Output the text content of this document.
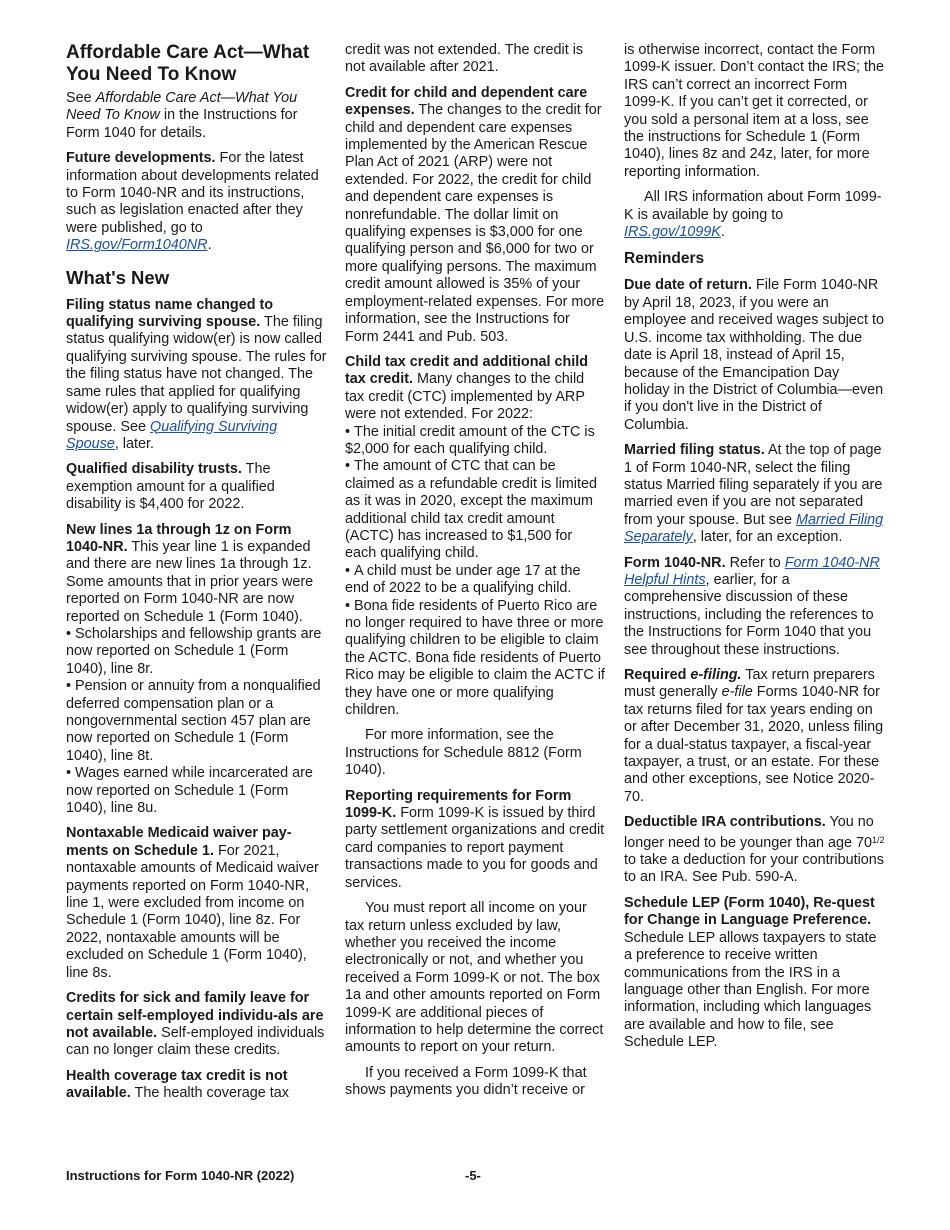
Affordable Care Act—What You Need To Know

See Affordable Care Act—What You Need To Know in the Instructions for Form 1040 for details.

Future developments. For the latest information about developments related to Form 1040-NR and its instructions, such as legislation enacted after they were published, go to IRS.gov/Form1040NR.

What's New

Filing status name changed to qualifying surviving spouse. The filing status qualifying widow(er) is now called qualifying surviving spouse. The rules for the filing status have not changed. The same rules that applied for qualifying widow(er) apply to qualifying surviving spouse. See Qualifying Surviving Spouse, later.

Qualified disability trusts. The exemption amount for a qualified disability is $4,400 for 2022.

New lines 1a through 1z on Form 1040-NR. This year line 1 is expanded and there are new lines 1a through 1z. Some amounts that in prior years were reported on Form 1040-NR are now reported on Schedule 1 (Form 1040).

• Scholarships and fellowship grants are now reported on Schedule 1 (Form 1040), line 8r.

• Pension or annuity from a nonqualified deferred compensation plan or a nongovernmental section 457 plan are now reported on Schedule 1 (Form 1040), line 8t.

• Wages earned while incarcerated are now reported on Schedule 1 (Form 1040), line 8u.

Nontaxable Medicaid waiver pay-ments on Schedule 1. For 2021, nontaxable amounts of Medicaid waiver payments reported on Form 1040-NR, line 1, were excluded from income on Schedule 1 (Form 1040), line 8z. For 2022, nontaxable amounts will be excluded on Schedule 1 (Form 1040), line 8s.

Credits for sick and family leave for certain self-employed individu-als are not available. Self-employed individuals can no longer claim these credits.

Health coverage tax credit is not available. The health coverage tax

credit was not extended. The credit is not available after 2021.

Credit for child and dependent care expenses. The changes to the credit for child and dependent care expenses implemented by the American Rescue Plan Act of 2021 (ARP) were not extended. For 2022, the credit for child and dependent care expenses is nonrefundable. The dollar limit on qualifying expenses is $3,000 for one qualifying person and $6,000 for two or more qualifying persons. The maximum credit amount allowed is 35% of your employment-related expenses. For more information, see the Instructions for Form 2441 and Pub. 503.

Child tax credit and additional child tax credit. Many changes to the child tax credit (CTC) implemented by ARP were not extended. For 2022:

• The initial credit amount of the CTC is $2,000 for each qualifying child.

• The amount of CTC that can be claimed as a refundable credit is limited as it was in 2020, except the maximum additional child tax credit amount (ACTC) has increased to $1,500 for each qualifying child.

• A child must be under age 17 at the end of 2022 to be a qualifying child.

• Bona fide residents of Puerto Rico are no longer required to have three or more qualifying children to be eligible to claim the ACTC. Bona fide residents of Puerto Rico may be eligible to claim the ACTC if they have one or more qualifying children.

For more information, see the Instructions for Schedule 8812 (Form 1040).

Reporting requirements for Form 1099-K. Form 1099-K is issued by third party settlement organizations and credit card companies to report payment transactions made to you for goods and services.

You must report all income on your tax return unless excluded by law, whether you received the income electronically or not, and whether you received a Form 1099-K or not. The box 1a and other amounts reported on Form 1099-K are additional pieces of information to help determine the correct amounts to report on your return.

If you received a Form 1099-K that shows payments you didn’t receive or

is otherwise incorrect, contact the Form 1099-K issuer. Don’t contact the IRS; the IRS can’t correct an incorrect Form 1099-K. If you can’t get it corrected, or you sold a personal item at a loss, see the instructions for Schedule 1 (Form 1040), lines 8z and 24z, later, for more reporting information.

All IRS information about Form 1099-K is available by going to IRS.gov/1099K.

Reminders

Due date of return. File Form 1040-NR by April 18, 2023, if you were an employee and received wages subject to U.S. income tax withholding. The due date is April 18, instead of April 15, because of the Emancipation Day holiday in the District of Columbia—even if you don't live in the District of Columbia.

Married filing status. At the top of page 1 of Form 1040-NR, select the filing status Married filing separately if you are married even if you are not separated from your spouse. But see Married Filing Separately, later, for an exception.

Form 1040-NR. Refer to Form 1040-NR Helpful Hints, earlier, for a comprehensive discussion of these instructions, including the references to the Instructions for Form 1040 that you see throughout these instructions.

Required e-filing. Tax return preparers must generally e-file Forms 1040-NR for tax returns filed for tax years ending on or after December 31, 2020, unless filing for a dual-status taxpayer, a fiscal-year taxpayer, a trust, or an estate. For these and other exceptions, see Notice 2020-70.

Deductible IRA contributions. You no longer need to be younger than age $70^{1/2}$ to take a deduction for your contributions to an IRA. See Pub. 590-A.

Schedule LEP (Form 1040), Re-quest for Change in Language Preference. Schedule LEP allows taxpayers to state a preference to receive written communications from the IRS in a language other than English. For more information, including which languages are available and how to file, see Schedule LEP.

Instructions for Form 1040-NR (2022)	-5-
